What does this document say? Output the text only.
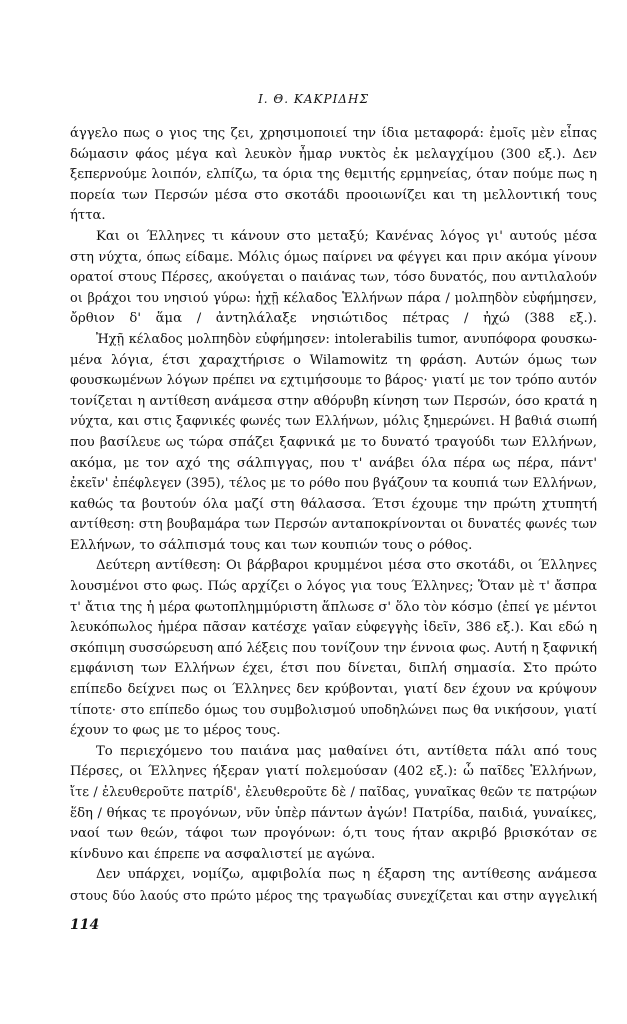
Ι. Θ. ΚΑΚΡΙΔΗΣ
άγγελο πως ο γιος της ζει, χρησιμοποιεί την ίδια μεταφορά: ἐμοῖς μὲν εἶπας
δώμασιν φάος μέγα καὶ λευκὸν ἦμαρ νυκτὸς ἐκ μελαγχίμου (300 εξ.). Δεν
ξεπερνούμε λοιπόν, ελπίζω, τα όρια της θεμιτής ερμηνείας, όταν πούμε πως η
πορεία των Περσών μέσα στο σκοτάδι προοιωνίζει και τη μελλοντική τους
ήττα.
Και οι Έλληνες τι κάνουν στο μεταξύ; Κανένας λόγος γι' αυτούς μέσα
στη νύχτα, όπως είδαμε. Μόλις όμως παίρνει να φέγγει και πριν ακόμα γίνουν
ορατοί στους Πέρσες, ακούγεται ο παιάνας των, τόσο δυνατός, που αντιλαλούν
οι βράχοι του νησιού γύρω: ἠχῇ κέλαδος Ἑλλήνων πάρα / μολπηδὸν εὐφήμησεν,
ὄρθιον δ' ἅμα / ἀντηλάλαξε νησιώτιδος πέτρας / ἠχώ (388 εξ.).
Ἠχῇ κέλαδος μολπηδὸν εὐφήμησεν: intolerabilis tumor, ανυπόφορα φουσκω-
μένα λόγια, έτσι χαραχτήρισε ο Wilamowitz τη φράση. Αυτών όμως των
φουσκωμένων λόγων πρέπει να εχτιμήσουμε το βάρος· γιατί με τον τρόπο αυτόν
τονίζεται η αντίθεση ανάμεσα στην αθόρυβη κίνηση των Περσών, όσο κρατά η
νύχτα, και στις ξαφνικές φωνές των Ελλήνων, μόλις ξημερώνει. Η βαθιά σιωπή
που βασίλευε ως τώρα σπάζει ξαφνικά με το δυνατό τραγούδι των Ελλήνων,
ακόμα, με τον αχό της σάλπιγγας, που τ' ανάβει όλα πέρα ως πέρα, πάντ'
ἐκεῖν' ἐπέφλεγεν (395), τέλος με το ρόθο που βγάζουν τα κουπιά των Ελλήνων,
καθώς τα βουτούν όλα μαζί στη θάλασσα. Έτσι έχουμε την πρώτη χτυπητή
αντίθεση: στη βουβαμάρα των Περσών ανταποκρίνονται οι δυνατές φωνές των
Ελλήνων, το σάλπισμά τους και των κουπιών τους ο ρόθος.
Δεύτερη αντίθεση: Οι βάρβαροι κρυμμένοι μέσα στο σκοτάδι, οι Έλληνες
λουσμένοι στο φως. Πώς αρχίζει ο λόγος για τους Έλληνες; Ὅταν μὲ τ' ἄσπρα
τ' ἄτια της ἡ μέρα φωτοπλημμύριστη ἅπλωσε σ' ὅλο τὸν κόσμο (ἐπεί γε μέντοι
λευκόπωλος ἡμέρα πᾶσαν κατέσχε γαῖαν εὐφεγγὴς ἰδεῖν, 386 εξ.). Και εδώ η
σκόπιμη συσσώρευση από λέξεις που τονίζουν την έννοια φως. Αυτή η ξαφνική
εμφάνιση των Ελλήνων έχει, έτσι που δίνεται, διπλή σημασία. Στο πρώτο
επίπεδο δείχνει πως οι Έλληνες δεν κρύβονται, γιατί δεν έχουν να κρύψουν
τίποτε· στο επίπεδο όμως του συμβολισμού υποδηλώνει πως θα νικήσουν, γιατί
έχουν το φως με το μέρος τους.
Το περιεχόμενο του παιάνα μας μαθαίνει ότι, αντίθετα πάλι από τους
Πέρσες, οι Έλληνες ήξεραν γιατί πολεμούσαν (402 εξ.): ὦ παῖδες Ἑλλήνων,
ἴτε / ἐλευθεροῦτε πατρίδ', ἐλευθεροῦτε δὲ / παῖδας, γυναῖκας θεῶν τε πατρῴων
ἕδη / θήκας τε προγόνων, νῦν ὑπὲρ πάντων ἀγών! Πατρίδα, παιδιά, γυναίκες,
ναοί των θεών, τάφοι των προγόνων: ό,τι τους ήταν ακριβό βρισκόταν σε
κίνδυνο και έπρεπε να ασφαλιστεί με αγώνα.
Δεν υπάρχει, νομίζω, αμφιβολία πως η έξαρση της αντίθεσης ανάμεσα
στους δύο λαούς στο πρώτο μέρος της τραγωδίας συνεχίζεται και στην αγγελική
114
